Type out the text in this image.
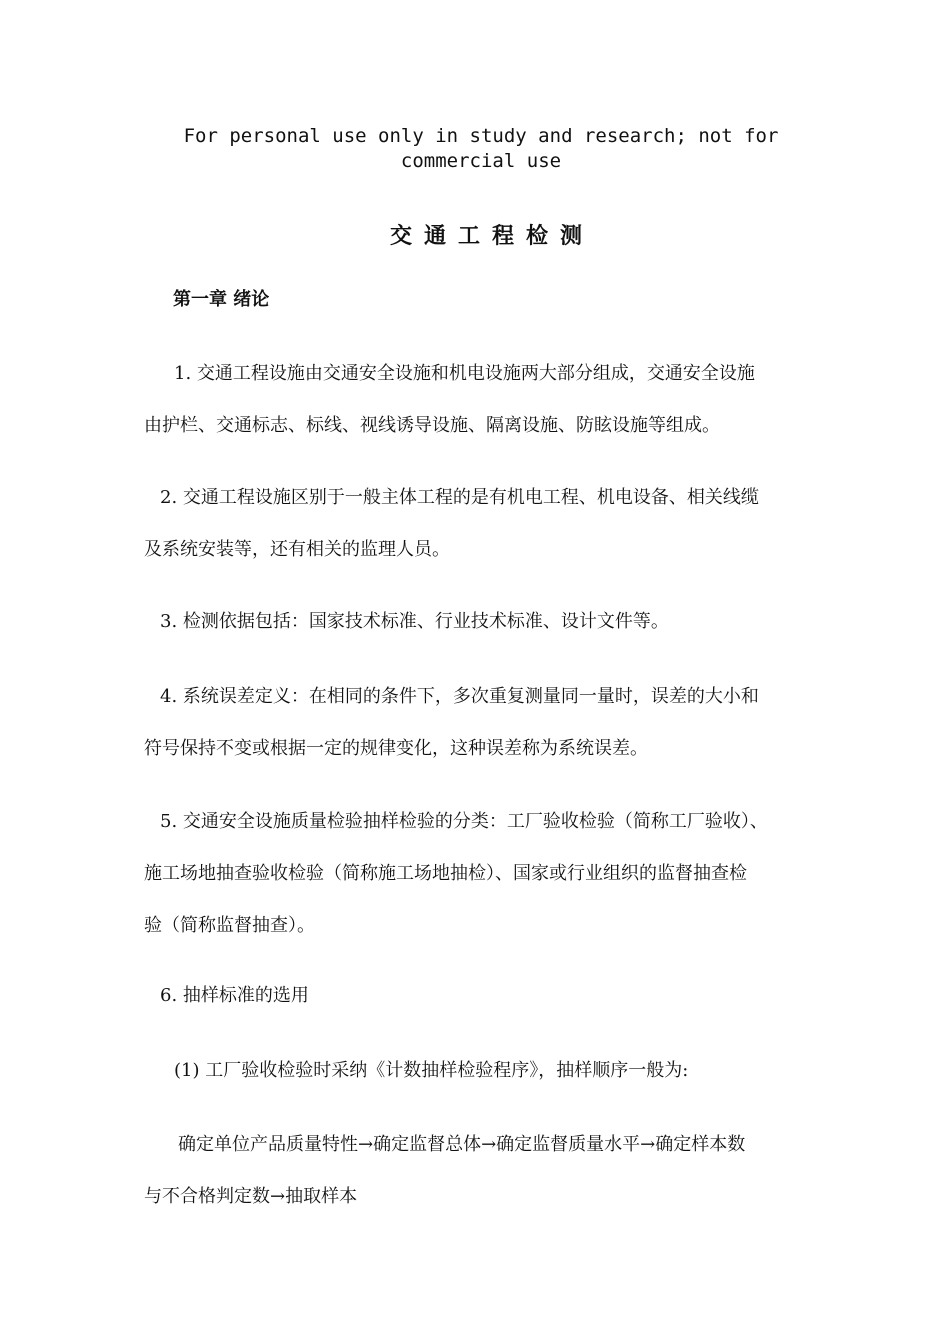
For personal use only in study and research; not for
commercial use
交通工程检测
第一章 绪论
1. 交通工程设施由交通安全设施和机电设施两大部分组成，交通安全设施
由护栏、交通标志、标线、视线诱导设施、隔离设施、防眩设施等组成。
2. 交通工程设施区别于一般主体工程的是有机电工程、机电设备、相关线缆
及系统安装等，还有相关的监理人员。
3. 检测依据包括：国家技术标准、行业技术标准、设计文件等。
4. 系统误差定义：在相同的条件下，多次重复测量同一量时，误差的大小和
符号保持不变或根据一定的规律变化，这种误差称为系统误差。
5. 交通安全设施质量检验抽样检验的分类：工厂验收检验（简称工厂验收）、
施工场地抽查验收检验（简称施工场地抽检）、国家或行业组织的监督抽查检
验（简称监督抽查）。
6. 抽样标准的选用
(1) 工厂验收检验时采纳《计数抽样检验程序》，抽样顺序一般为:
确定单位产品质量特性→确定监督总体→确定监督质量水平→确定样本数
与不合格判定数→抽取样本
